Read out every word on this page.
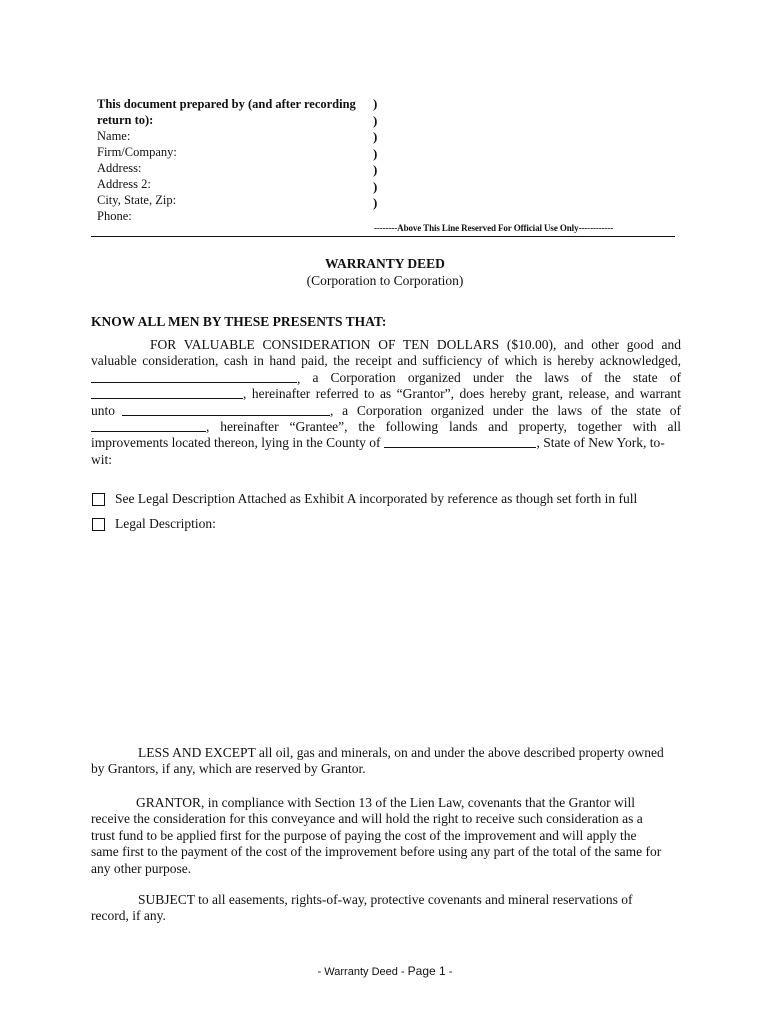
This document prepared by (and after recording
return to):
Name:
Firm/Company:
Address:
Address 2:
City, State, Zip:
Phone:
)
)
)
)
)
)
)
--------Above This Line Reserved For Official Use Only------------
WARRANTY DEED
(Corporation to Corporation)
KNOW ALL MEN BY THESE PRESENTS THAT:
FOR VALUABLE CONSIDERATION OF TEN DOLLARS ($10.00), and other good and
valuable consideration, cash in hand paid, the receipt and sufficiency of which is hereby acknowledged,
, a Corporation organized under the laws of the state of
, hereinafter referred to as “Grantor”, does hereby grant, release, and warrant
unto	, a Corporation organized under the laws of the state of
, hereinafter “Grantee”, the following lands and property, together with all
improvements located thereon, lying in the County of	, State of New York, to-
wit:
See Legal Description Attached as Exhibit A incorporated by reference as though set forth in full
Legal Description:
LESS AND EXCEPT all oil, gas and minerals, on and under the above described property owned
by Grantors, if any, which are reserved by Grantor.
GRANTOR, in compliance with Section 13 of the Lien Law, covenants that the Grantor will
receive the consideration for this conveyance and will hold the right to receive such consideration as a
trust fund to be applied first for the purpose of paying the cost of the improvement and will apply the
same first to the payment of the cost of the improvement before using any part of the total of the same for
any other purpose.
SUBJECT to all easements, rights-of-way, protective covenants and mineral reservations of
record, if any.
- Warranty Deed - Page 1 -
